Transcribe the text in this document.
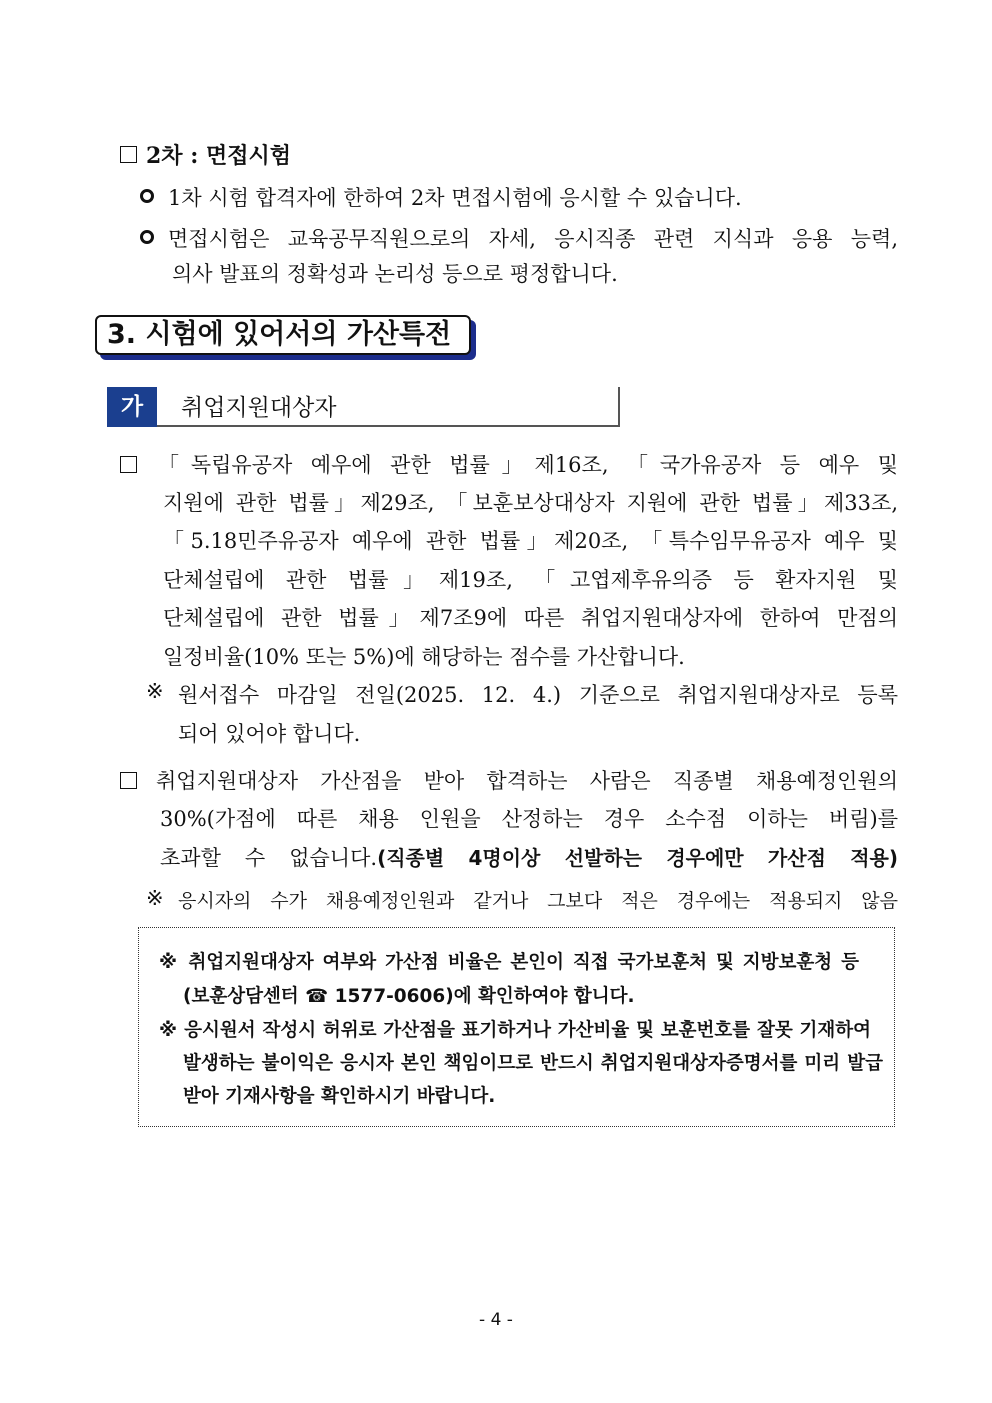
2차 : 면접시험
1차 시험 합격자에 한하여 2차 면접시험에 응시할 수 있습니다.
면접시험은 교육공무직원으로의 자세, 응시직종 관련 지식과 응용 능력,
의사 발표의 정확성과 논리성 등으로 평정합니다.
3. 시험에 있어서의 가산특전
가	취업지원대상자
「독립유공자 예우에 관한 법률」제16조, 「국가유공자 등 예우 및
지원에 관한 법률」제29조, 「보훈보상대상자 지원에 관한 법률」제33조,
「5.18민주유공자 예우에 관한 법률」제20조, 「특수임무유공자 예우 및
단체설립에 관한 법률」제19조, 「고엽제후유의증 등 환자지원 및
단체설립에 관한 법률」제7조9에 따른 취업지원대상자에 한하여 만점의
일정비율(10% 또는 5%)에 해당하는 점수를 가산합니다.
※ 원서접수 마감일 전일(2025. 12. 4.) 기준으로 취업지원대상자로 등록
되어 있어야 합니다.
취업지원대상자 가산점을 받아 합격하는 사람은 직종별 채용예정인원의
30%(가점에 따른 채용 인원을 산정하는 경우 소수점 이하는 버림)를
초과할 수 없습니다.(직종별 4명이상 선발하는 경우에만 가산점 적용)
※ 응시자의 수가 채용예정인원과 같거나 그보다 적은 경우에는 적용되지 않음
※ 취업지원대상자 여부와 가산점 비율은 본인이 직접 국가보훈처 및 지방보훈청 등
(보훈상담센터 ☎ 1577-0606)에 확인하여야 합니다.
※ 응시원서 작성시 허위로 가산점을 표기하거나 가산비율 및 보훈번호를 잘못 기재하여
발생하는 불이익은 응시자 본인 책임이므로 반드시 취업지원대상자증명서를 미리 발급
받아 기재사항을 확인하시기 바랍니다.
- 4 -
